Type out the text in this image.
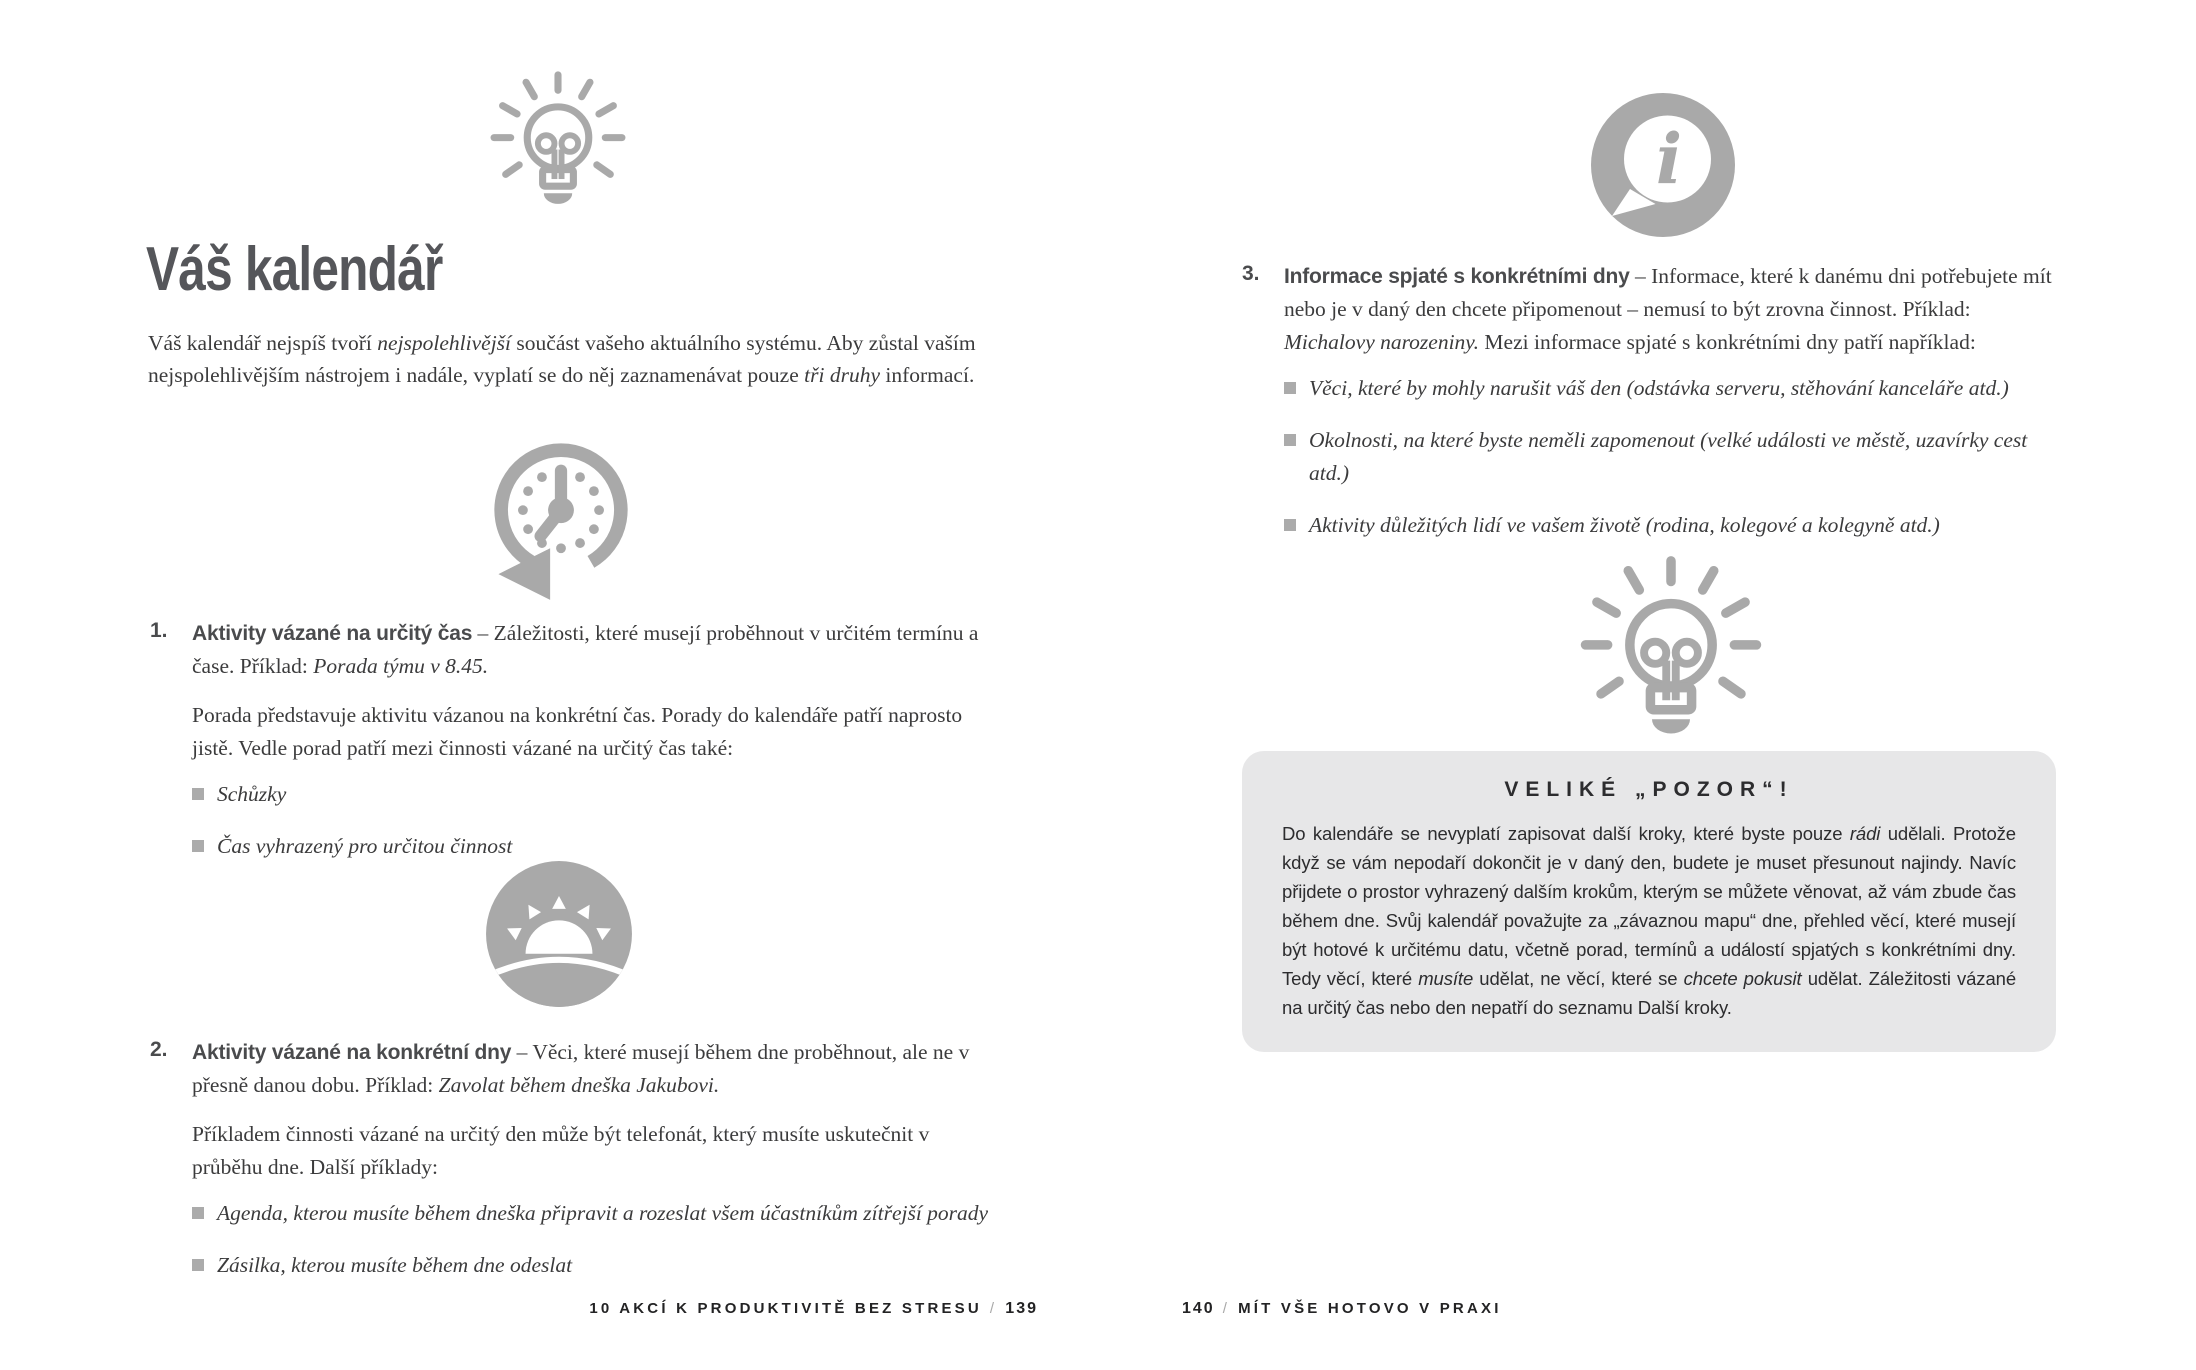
Váš kalendář

Váš kalendář nejspíš tvoří nejspolehlivější součást vašeho aktuálního systému. Aby zůstal vaším nejspolehlivějším nástrojem i nadále, vyplatí se do něj zaznamenávat pouze tři druhy informací.

1.	Aktivity vázané na určitý čas – Záležitosti, které musejí proběhnout v určitém termínu a čase. Příklad: Porada týmu v 8.45.

Porada představuje aktivitu vázanou na konkrétní čas. Porady do kalendáře patří naprosto jistě. Vedle porad patří mezi činnosti vázané na určitý čas také:

Schůzky
Čas vyhrazený pro určitou činnost
2.	Aktivity vázané na konkrétní dny – Věci, které musejí během dne proběhnout, ale ne v přesně danou dobu. Příklad: Zavolat během dneška Jakubovi.

Příkladem činnosti vázané na určitý den může být telefonát, který musíte uskutečnit v průběhu dne. Další příklady:

Agenda, kterou musíte během dneška připravit a rozeslat všem účastníkům zítřejší porady
Zásilka, kterou musíte během dne odeslat
10 AKCÍ K PRODUKTIVITĚ BEZ STRESU / 139
i
3.	Informace spjaté s konkrétními dny – Informace, které k danému dni potřebujete mít nebo je v daný den chcete připomenout – nemusí to být zrovna činnost. Příklad: Michalovy narozeniny. Mezi informace spjaté s konkrétními dny patří například:

Věci, které by mohly narušit váš den (odstávka serveru, stěhování kanceláře atd.)
Okolnosti, na které byste neměli zapomenout (velké události ve městě, uzavírky cest atd.)
Aktivity důležitých lidí ve vašem životě (rodina, kolegové a kolegyně atd.)

VELIKÉ „POZOR“!

Do kalendáře se nevyplatí zapisovat další kroky, které byste pouze rádi udělali. Protože když se vám nepodaří dokončit je v daný den, budete je muset přesunout najindy. Navíc přijdete o prostor vyhrazený dalším krokům, kterým se můžete věnovat, až vám zbude čas během dne. Svůj kalendář považujte za „závaznou mapu“ dne, přehled věcí, které musejí být hotové k určitému datu, včetně porad, termínů a událostí spjatých s konkrétními dny. Tedy věcí, které musíte udělat, ne věcí, které se chcete pokusit udělat. Záležitosti vázané na určitý čas nebo den nepatří do seznamu Další kroky.

140 / MÍT VŠE HOTOVO V PRAXI
